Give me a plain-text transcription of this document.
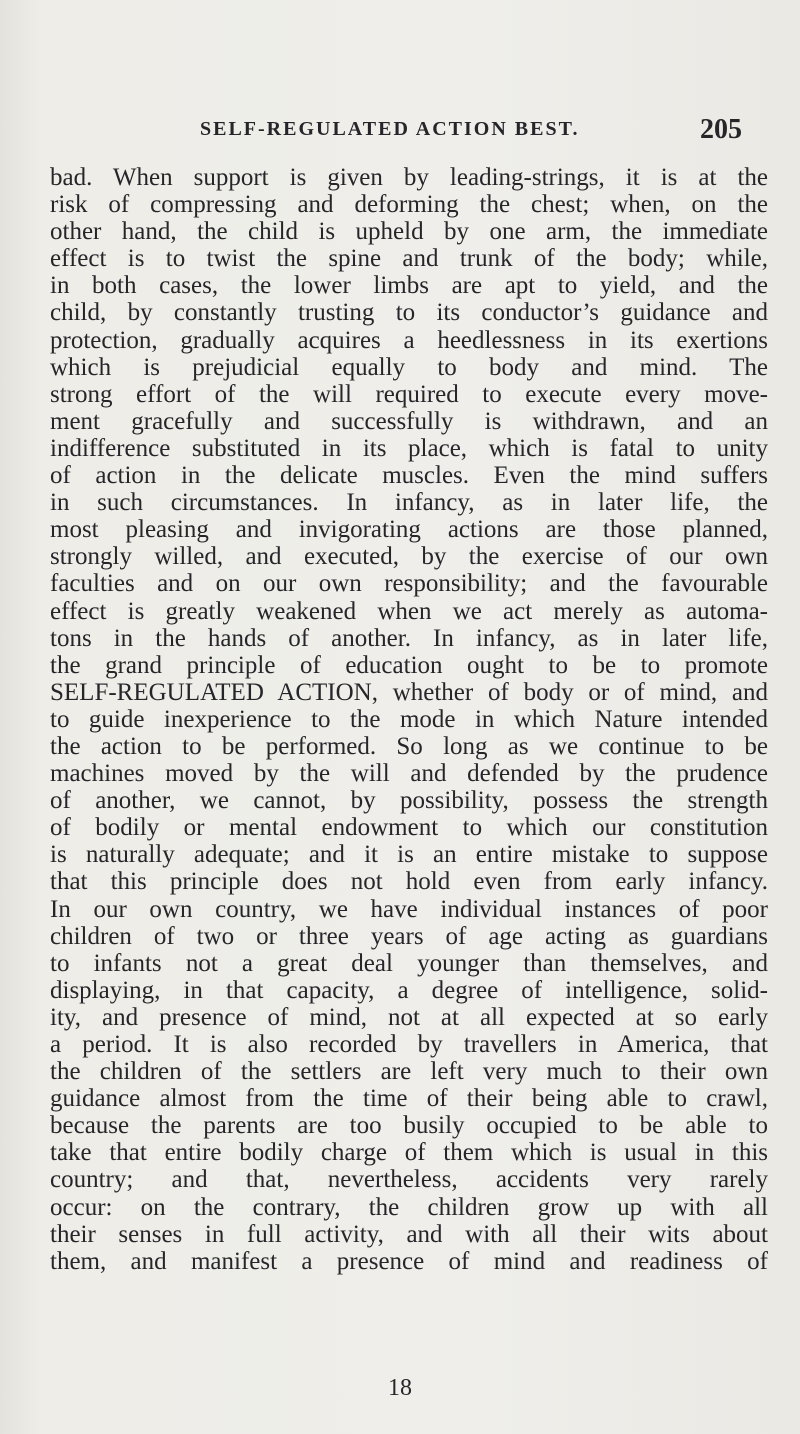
SELF-REGULATED ACTION BEST.	205
bad. When support is given by leading-strings, it is at the
risk of compressing and deforming the chest; when, on the
other hand, the child is upheld by one arm, the immediate
effect is to twist the spine and trunk of the body; while,
in both cases, the lower limbs are apt to yield, and the
child, by constantly trusting to its conductor’s guidance and
protection, gradually acquires a heedlessness in its exertions
which is prejudicial equally to body and mind. The
strong effort of the will required to execute every move-
ment gracefully and successfully is withdrawn, and an
indifference substituted in its place, which is fatal to unity
of action in the delicate muscles. Even the mind suffers
in such circumstances. In infancy, as in later life, the
most pleasing and invigorating actions are those planned,
strongly willed, and executed, by the exercise of our own
faculties and on our own responsibility; and the favourable
effect is greatly weakened when we act merely as automa-
tons in the hands of another. In infancy, as in later life,
the grand principle of education ought to be to promote
SELF-REGULATED ACTION, whether of body or of mind, and
to guide inexperience to the mode in which Nature intended
the action to be performed. So long as we continue to be
machines moved by the will and defended by the prudence
of another, we cannot, by possibility, possess the strength
of bodily or mental endowment to which our constitution
is naturally adequate; and it is an entire mistake to suppose
that this principle does not hold even from early infancy.
In our own country, we have individual instances of poor
children of two or three years of age acting as guardians
to infants not a great deal younger than themselves, and
displaying, in that capacity, a degree of intelligence, solid-
ity, and presence of mind, not at all expected at so early
a period. It is also recorded by travellers in America, that
the children of the settlers are left very much to their own
guidance almost from the time of their being able to crawl,
because the parents are too busily occupied to be able to
take that entire bodily charge of them which is usual in this
country; and that, nevertheless, accidents very rarely
occur: on the contrary, the children grow up with all
their senses in full activity, and with all their wits about
them, and manifest a presence of mind and readiness of
18
